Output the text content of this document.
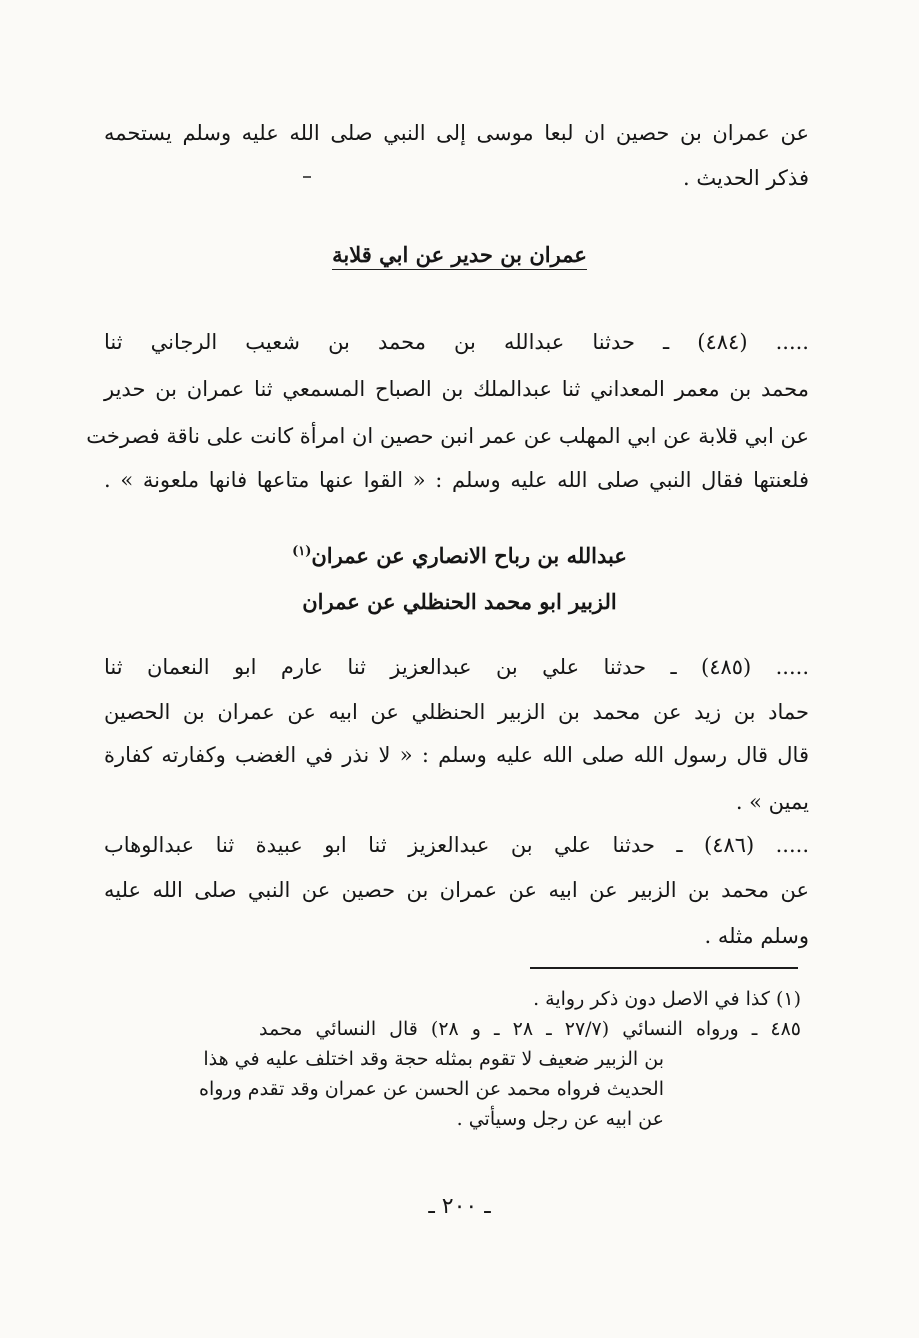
عن عمران بن حصين ان لبعا موسى إلى النبي صلى الله عليه وسلم يستحمه

فذكر الحديث .

عمران بن حدير عن ابي قلابة

..... (٤٨٤) ـ حدثنا عبدالله بن محمد بن شعيب الرجاني ثنا

محمد بن معمر المعداني ثنا عبدالملك بن الصباح المسمعي ثنا عمران بن حدير

عن ابي قلابة عن ابي المهلب عن عمر انبن حصين ان امرأة كانت على ناقة فصرخت

فلعنتها فقال النبي صلى الله عليه وسلم : « القوا عنها متاعها فانها ملعونة » .

عبدالله بن رباح الانصاري عن عمران$^{(١)}$

الزبير ابو محمد الحنظلي عن عمران

..... (٤٨٥) ـ حدثنا علي بن عبدالعزيز ثنا عارم ابو النعمان ثنا

حماد بن زيد عن محمد بن الزبير الحنظلي عن ابيه عن عمران بن الحصين

قال قال رسول الله صلى الله عليه وسلم : « لا نذر في الغضب وكفارته كفارة

يمين » .

..... (٤٨٦) ـ حدثنا علي بن عبدالعزيز ثنا ابو عبيدة ثنا عبدالوهاب

عن محمد بن الزبير عن ابيه عن عمران بن حصين عن النبي صلى الله عليه

وسلم مثله .

(١) كذا في الاصل دون ذكر رواية .

٤٨٥ ـ ورواه النسائي (٢٧/٧ ـ ٢٨ ـ و ٢٨) قال النسائي محمد

بن الزبير ضعيف لا تقوم بمثله حجة وقد اختلف عليه في هذا

الحديث فرواه محمد عن الحسن عن عمران وقد تقدم ورواه

عن ابيه عن رجل وسيأتي .

ـ ٢٠٠ ـ
